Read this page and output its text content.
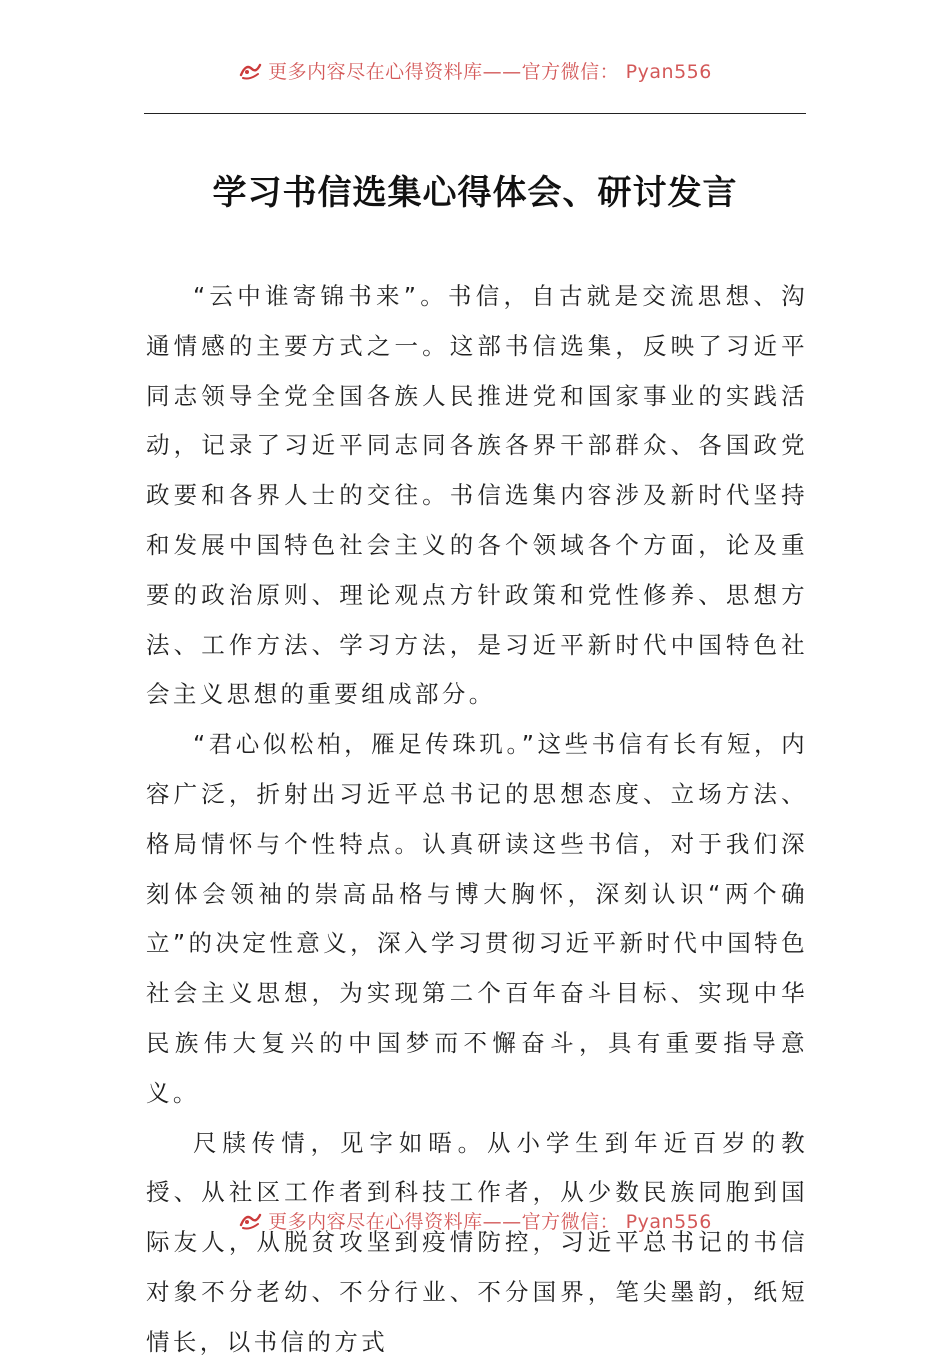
更多内容尽在心得资料库——官方微信： Pyan556
学习书信选集心得体会、研讨发言

“云中谁寄锦书来”。书信，自古就是交流思想、沟通情感的主要方式之一。这部书信选集，反映了习近平同志领导全党全国各族人民推进党和国家事业的实践活动，记录了习近平同志同各族各界干部群众、各国政党政要和各界人士的交往。书信选集内容涉及新时代坚持和发展中国特色社会主义的各个领域各个方面，论及重要的政治原则、理论观点方针政策和党性修养、思想方法、工作方法、学习方法，是习近平新时代中国特色社会主义思想的重要组成部分。

“君心似松柏，雁足传珠玑。”这些书信有长有短，内容广泛，折射出习近平总书记的思想态度、立场方法、格局情怀与个性特点。认真研读这些书信，对于我们深刻体会领袖的崇高品格与博大胸怀，深刻认识“两个确立”的决定性意义，深入学习贯彻习近平新时代中国特色社会主义思想，为实现第二个百年奋斗目标、实现中华民族伟大复兴的中国梦而不懈奋斗，具有重要指导意义。

尺牍传情，见字如晤。从小学生到年近百岁的教授、从社区工作者到科技工作者，从少数民族同胞到国际友人，从脱贫攻坚到疫情防控，习近平总书记的书信对象不分老幼、不分行业、不分国界，笔尖墨韵，纸短情长，以书信的方式

更多内容尽在心得资料库——官方微信： Pyan556
